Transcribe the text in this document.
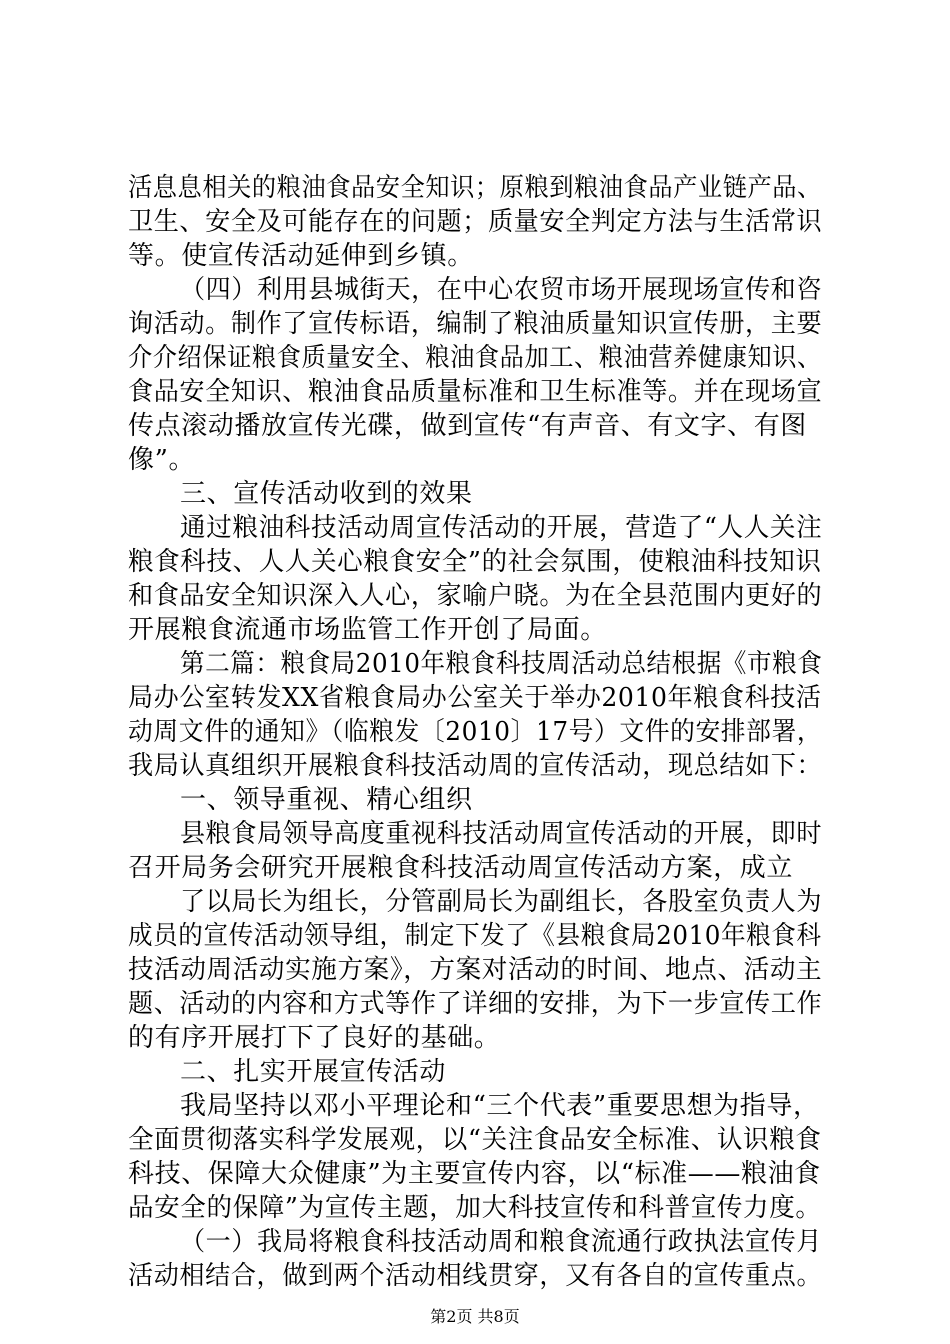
活息息相关的粮油食品安全知识；原粮到粮油食品产业链产品、
卫生、安全及可能存在的问题；质量安全判定方法与生活常识
等。使宣传活动延伸到乡镇。
（四）利用县城街天，在中心农贸市场开展现场宣传和咨
询活动。制作了宣传标语，编制了粮油质量知识宣传册，主要
介介绍保证粮食质量安全、粮油食品加工、粮油营养健康知识、
食品安全知识、粮油食品质量标准和卫生标准等。并在现场宣
传点滚动播放宣传光碟，做到宣传“有声音、有文字、有图
像”。
三、宣传活动收到的效果
通过粮油科技活动周宣传活动的开展，营造了“人人关注
粮食科技、人人关心粮食安全”的社会氛围，使粮油科技知识
和食品安全知识深入人心，家喻户晓。为在全县范围内更好的
开展粮食流通市场监管工作开创了局面。
第二篇：粮食局2010年粮食科技周活动总结根据《市粮食
局办公室转发XX省粮食局办公室关于举办2010年粮食科技活
动周文件的通知》（临粮发〔2010〕17号）文件的安排部署，
我局认真组织开展粮食科技活动周的宣传活动，现总结如下：
一、领导重视、精心组织
县粮食局领导高度重视科技活动周宣传活动的开展，即时
召开局务会研究开展粮食科技活动周宣传活动方案，成立
了以局长为组长，分管副局长为副组长，各股室负责人为
成员的宣传活动领导组，制定下发了《县粮食局2010年粮食科
技活动周活动实施方案》，方案对活动的时间、地点、活动主
题、活动的内容和方式等作了详细的安排，为下一步宣传工作
的有序开展打下了良好的基础。
二、扎实开展宣传活动
我局坚持以邓小平理论和“三个代表”重要思想为指导，
全面贯彻落实科学发展观，以“关注食品安全标准、认识粮食
科技、保障大众健康”为主要宣传内容，以“标准——粮油食
品安全的保障”为宣传主题，加大科技宣传和科普宣传力度。
（一）我局将粮食科技活动周和粮食流通行政执法宣传月
活动相结合，做到两个活动相线贯穿，又有各自的宣传重点。
第2页 共8页
